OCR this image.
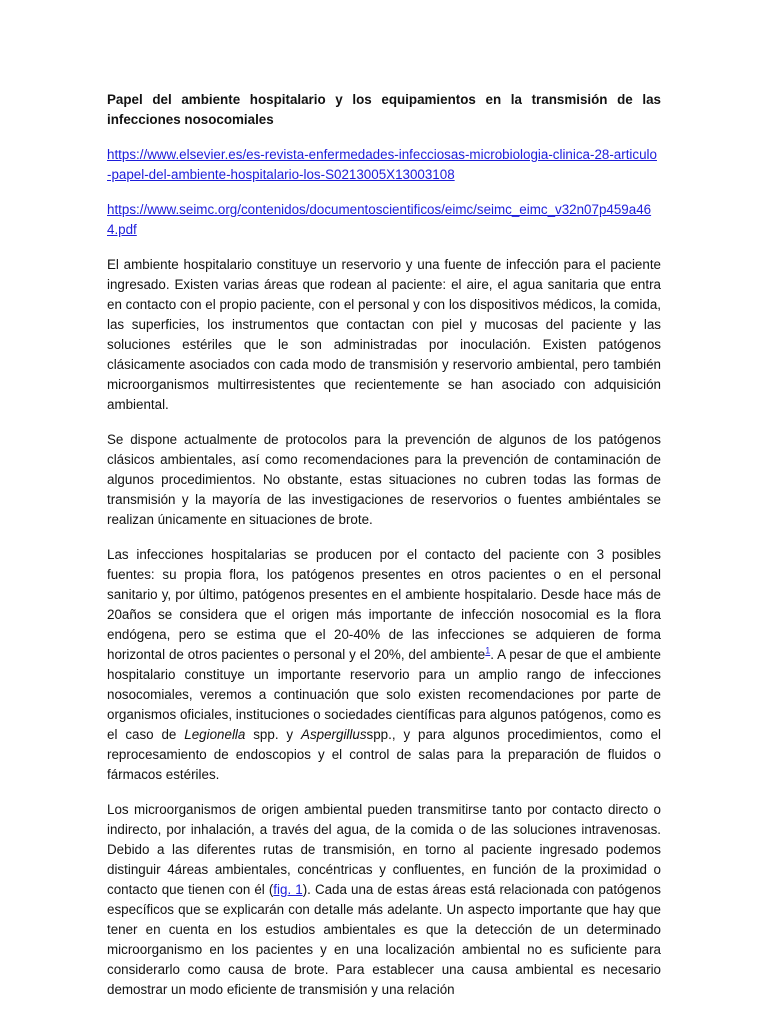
Papel del ambiente hospitalario y los equipamientos en la transmisión de las infecciones nosocomiales

https://www.elsevier.es/es-revista-enfermedades-infecciosas-microbiologia-clinica-28-articulo-papel-del-ambiente-hospitalario-los-S0213005X13003108
https://www.seimc.org/contenidos/documentoscientificos/eimc/seimc_eimc_v32n07p459a464.pdf

El ambiente hospitalario constituye un reservorio y una fuente de infección para el paciente ingresado. Existen varias áreas que rodean al paciente: el aire, el agua sanitaria que entra en contacto con el propio paciente, con el personal y con los dispositivos médicos, la comida, las superficies, los instrumentos que contactan con piel y mucosas del paciente y las soluciones estériles que le son administradas por inoculación. Existen patógenos clásicamente asociados con cada modo de transmisión y reservorio ambiental, pero también microorganismos multirresistentes que recientemente se han asociado con adquisición ambiental.

Se dispone actualmente de protocolos para la prevención de algunos de los patógenos clásicos ambientales, así como recomendaciones para la prevención de contaminación de algunos procedimientos. No obstante, estas situaciones no cubren todas las formas de transmisión y la mayoría de las investigaciones de reservorios o fuentes ambiéntales se realizan únicamente en situaciones de brote.

Las infecciones hospitalarias se producen por el contacto del paciente con 3 posibles fuentes: su propia flora, los patógenos presentes en otros pacientes o en el personal sanitario y, por último, patógenos presentes en el ambiente hospitalario. Desde hace más de 20años se considera que el origen más importante de infección nosocomial es la flora endógena, pero se estima que el 20-40% de las infecciones se adquieren de forma horizontal de otros pacientes o personal y el 20%, del ambiente$^1$. A pesar de que el ambiente hospitalario constituye un importante reservorio para un amplio rango de infecciones nosocomiales, veremos a continuación que solo existen recomendaciones por parte de organismos oficiales, instituciones o sociedades científicas para algunos patógenos, como es el caso de Legionella spp. y Aspergillusspp., y para algunos procedimientos, como el reprocesamiento de endoscopios y el control de salas para la preparación de fluidos o fármacos estériles.

Los microorganismos de origen ambiental pueden transmitirse tanto por contacto directo o indirecto, por inhalación, a través del agua, de la comida o de las soluciones intravenosas. Debido a las diferentes rutas de transmisión, en torno al paciente ingresado podemos distinguir 4áreas ambientales, concéntricas y confluentes, en función de la proximidad o contacto que tienen con él (fig. 1). Cada una de estas áreas está relacionada con patógenos específicos que se explicarán con detalle más adelante. Un aspecto importante que hay que tener en cuenta en los estudios ambientales es que la detección de un determinado microorganismo en los pacientes y en una localización ambiental no es suficiente para considerarlo como causa de brote. Para establecer una causa ambiental es necesario demostrar un modo eficiente de transmisión y una relación
